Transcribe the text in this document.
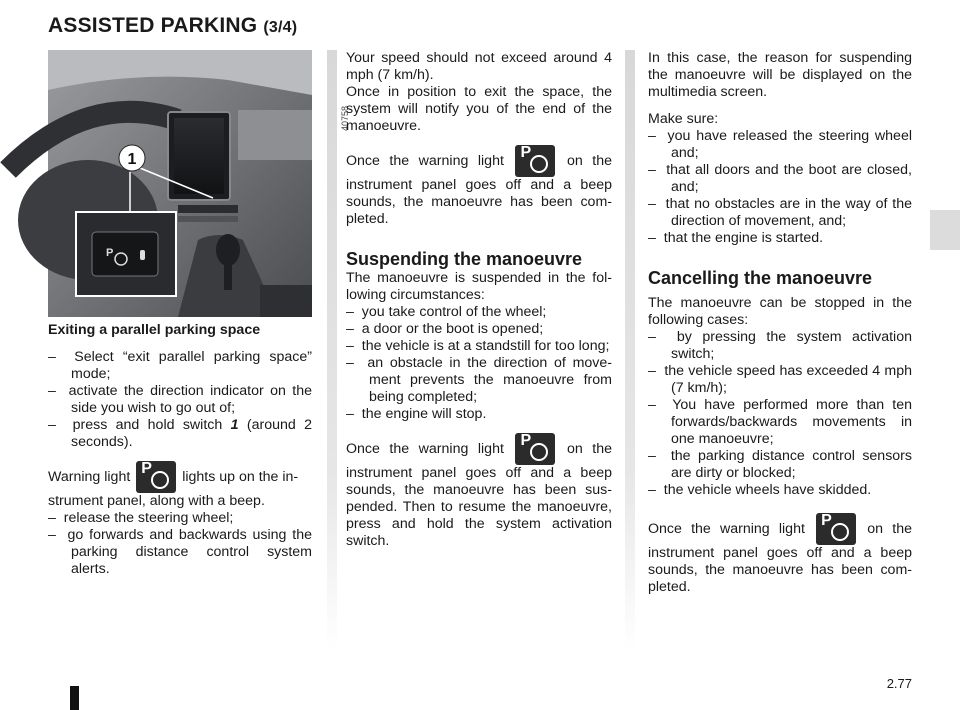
ASSISTED PARKING (3/4)
1
P
40758
Exiting a parallel parking space
–  Select “exit parallel parking space” mode;
–  activate the direction indicator on the side you wish to go out of;
–  press and hold switch 1 (around 2 seconds).

Warning light P	lights up on the instrument panel, along with a beep.

–  release the steering wheel;
–  go forwards and backwards using the parking distance control system alerts.

Your speed should not exceed around 4 mph (7 km/h).

Once in position to exit the space, the system will notify you of the end of the manoeuvre.

Once the warning light P	on the instrument panel goes off and a beep sounds, the manoeuvre has been completed.

Suspending the manoeuvre

The manoeuvre is suspended in the following circumstances:

–  you take control of the wheel;
–  a door or the boot is opened;
–  the vehicle is at a standstill for too long;
–  an obstacle in the direction of movement prevents the manoeuvre from being completed;
–  the engine will stop.

Once the warning light P	on the instrument panel goes off and a beep sounds, the manoeuvre has been suspended. Then to resume the manoeuvre, press and hold the system activation switch.

In this case, the reason for suspending the manoeuvre will be displayed on the multimedia screen.

Make sure:

–  you have released the steering wheel and;
–  that all doors and the boot are closed, and;
–  that no obstacles are in the way of the direction of movement, and;
–  that the engine is started.
Cancelling the manoeuvre

The manoeuvre can be stopped in the following cases:

–  by pressing the system activation switch;
–  the vehicle speed has exceeded 4 mph (7 km/h);
–  You have performed more than ten forwards/backwards movements in one manoeuvre;
–  the parking distance control sensors are dirty or blocked;
–  the vehicle wheels have skidded.

Once the warning light P	on the instrument panel goes off and a beep sounds, the manoeuvre has been completed.

2.77
